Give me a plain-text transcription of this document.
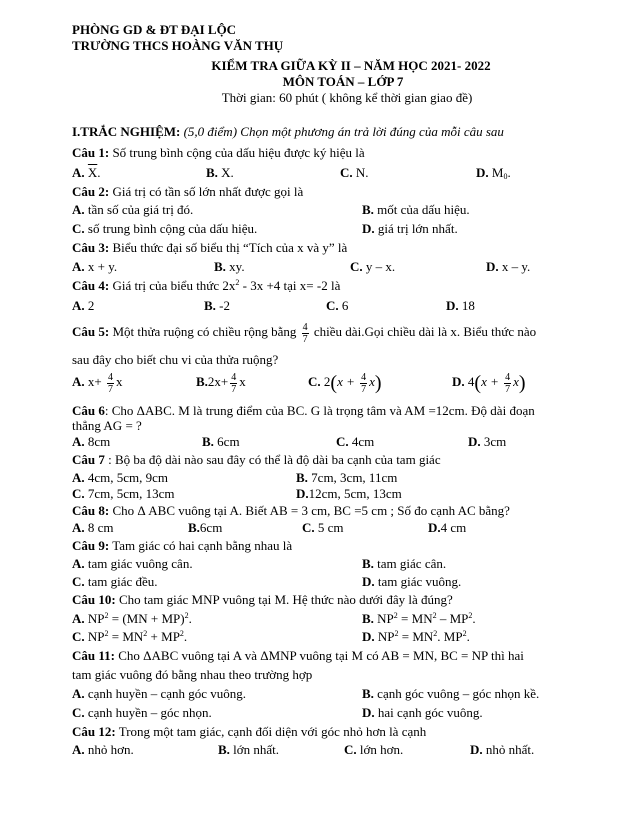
PHÒNG GD & ĐT ĐẠI LỘC
TRƯỜNG THCS HOÀNG VĂN THỤ
KIỂM TRA GIỮA KỲ II – NĂM HỌC 2021- 2022
MÔN TOÁN – LỚP 7
Thời gian: 60 phút ( không kể thời gian giao đề)
I.TRẮC NGHIỆM: (5,0 điểm) Chọn một phương án trả lời đúng của mỗi câu sau
Câu 1: Số trung bình cộng của dấu hiệu được ký hiệu là
A. $\overline{X}$.	B. X.	C. N.	D. $M_0$.
Câu 2: Giá trị có tần số lớn nhất được gọi là
A. tần số của giá trị đó.	B. mốt của dấu hiệu.
C. số trung bình cộng của dấu hiệu.	D. giá trị lớn nhất.
Câu 3: Biểu thức đại số biểu thị “Tích của x và y” là
A. x + y.	B. xy.	C. y – x.	D. x – y.
Câu 4: Giá trị của biểu thức $2x^2 - 3x +4$ tại x= -2 là
A. 2	B. -2	C. 6	D. 18
Câu 5: Một thửa ruộng có chiều rộng bằng $\frac{4}{7}$ chiều dài.Gọi chiều dài là x. Biểu thức nào
sau đây cho biết chu vi của thửa ruộng?
A. $x+ \frac{4}{7}$ x	$B.2x+ \frac{4}{7}$ x	C. $2(x + \frac{4}{7} x)$	D. $4(x + \frac{4}{7} x)$
Câu 6: Cho ΔABC. M là trung điểm của BC. G là trọng tâm và AM =12cm. Độ dài đoạn
thẳng AG = ?
A. 8cm	B. 6cm	C. 4cm	D. 3cm
Câu 7 : Bộ ba độ dài nào sau đây có thể là độ dài ba cạnh của tam giác
A. 4cm, 5cm, 9cm	B. 7cm, 3cm, 11cm
C. 7cm, 5cm, 13cm	D.12cm, 5cm, 13cm
Câu 8: Cho Δ ABC vuông tại A. Biết AB = 3 cm, BC =5 cm ; Số đo cạnh AC bằng?
A. 8 cm	B.6cm	C. 5 cm	D.4 cm
Câu 9: Tam giác có hai cạnh bằng nhau là
A. tam giác vuông cân.	B. tam giác cân.
C. tam giác đều.	D. tam giác vuông.
Câu 10: Cho tam giác MNP vuông tại M. Hệ thức nào dưới đây là đúng?
A. $NP^2 = (MN + MP)^2$.	B. $NP^2 = MN^2 - MP^2$.
C. $NP^2 = MN^2 + MP^2$.	D. $NP^2 = MN^2$. $MP^2$.
Câu 11: Cho ΔABC vuông tại A và ΔMNP vuông tại M có AB = MN, BC = NP thì hai
tam giác vuông đó bằng nhau theo trường hợp
A. cạnh huyền – cạnh góc vuông.	B. cạnh góc vuông – góc nhọn kề.
C. cạnh huyền – góc nhọn.	D. hai cạnh góc vuông.
Câu 12: Trong một tam giác, cạnh đối diện với góc nhỏ hơn là cạnh
A. nhỏ hơn.	B. lớn nhất.	C. lớn hơn.	D. nhỏ nhất.
